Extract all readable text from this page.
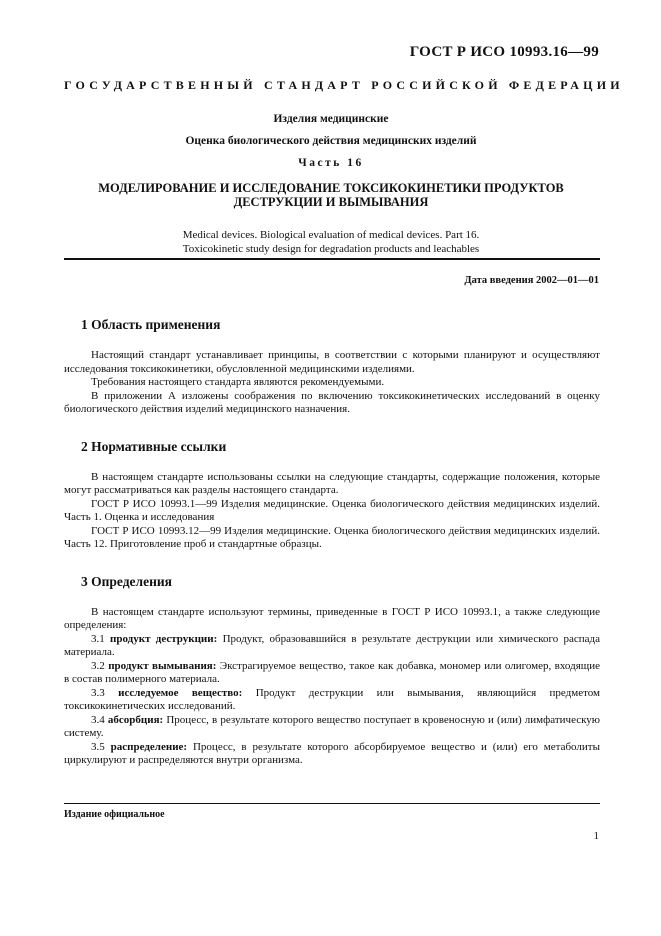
ГОСТ Р ИСО 10993.16—99
ГОСУДАРСТВЕННЫЙ СТАНДАРТ РОССИЙСКОЙ ФЕДЕРАЦИИ
Изделия медицинские
Оценка биологического действия медицинских изделий
Часть 16
МОДЕЛИРОВАНИЕ И ИССЛЕДОВАНИЕ ТОКСИКОКИНЕТИКИ ПРОДУКТОВ
ДЕСТРУКЦИИ И ВЫМЫВАНИЯ
Medical devices. Biological evaluation of medical devices. Part 16.
Toxicokinetic study design for degradation products and leachables
Дата введения 2002—01—01
1 Область применения

Настоящий стандарт устанавливает принципы, в соответствии с которыми планируют и осуществляют исследования токсикокинетики, обусловленной медицинскими изделиями.

Требования настоящего стандарта являются рекомендуемыми.

В приложении А изложены соображения по включению токсикокинетических исследований в оценку биологического действия изделий медицинского назначения.

2 Нормативные ссылки

В настоящем стандарте использованы ссылки на следующие стандарты, содержащие положения, которые могут рассматриваться как разделы настоящего стандарта.

ГОСТ Р ИСО 10993.1—99 Изделия медицинские. Оценка биологического действия медицинских изделий. Часть 1. Оценка и исследования

ГОСТ Р ИСО 10993.12—99 Изделия медицинские. Оценка биологического действия медицинских изделий. Часть 12. Приготовление проб и стандартные образцы.

3 Определения

В настоящем стандарте используют термины, приведенные в ГОСТ Р ИСО 10993.1, а также следующие определения:

3.1 продукт деструкции: Продукт, образовавшийся в результате деструкции или химического распада материала.

3.2 продукт вымывания: Экстрагируемое вещество, такое как добавка, мономер или олигомер, входящие в состав полимерного материала.

3.3 исследуемое вещество: Продукт деструкции или вымывания, являющийся предметом токсикокинетических исследований.

3.4 абсорбция: Процесс, в результате которого вещество поступает в кровеносную и (или) лимфатическую систему.

3.5 распределение: Процесс, в результате которого абсорбируемое вещество и (или) его метаболиты циркулируют и распределяются внутри организма.

Издание официальное
1
